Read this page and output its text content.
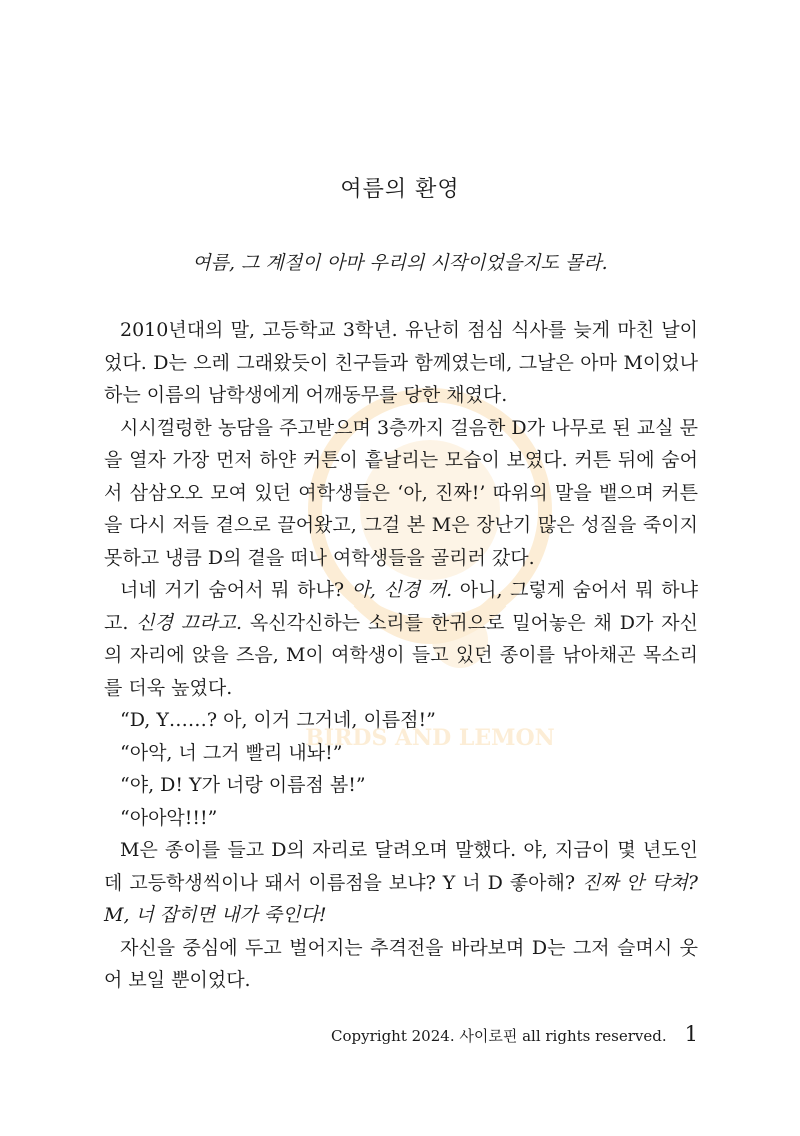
BIRDS AND LEMON
여름의 환영
여름, 그 계절이 아마 우리의 시작이었을지도 몰라.

2010년대의 말, 고등학교 3학년. 유난히 점심 식사를 늦게 마친 날이었다. D는 으레 그래왔듯이 친구들과 함께였는데, 그날은 아마 M이었나 하는 이름의 남학생에게 어깨동무를 당한 채였다.

시시껄렁한 농담을 주고받으며 3층까지 걸음한 D가 나무로 된 교실 문을 열자 가장 먼저 하얀 커튼이 흩날리는 모습이 보였다. 커튼 뒤에 숨어서 삼삼오오 모여 있던 여학생들은 ‘아, 진짜!’ 따위의 말을 뱉으며 커튼을 다시 저들 곁으로 끌어왔고, 그걸 본 M은 장난기 많은 성질을 죽이지 못하고 냉큼 D의 곁을 떠나 여학생들을 골리러 갔다.

너네 거기 숨어서 뭐 하냐? 아, 신경 꺼. 아니, 그렇게 숨어서 뭐 하냐고. 신경 끄라고. 옥신각신하는 소리를 한귀으로 밀어놓은 채 D가 자신의 자리에 앉을 즈음, M이 여학생이 들고 있던 종이를 낚아채곤 목소리를 더욱 높였다.

“D, Y……? 아, 이거 그거네, 이름점!”

“아악, 너 그거 빨리 내놔!”

“야, D! Y가 너랑 이름점 봄!”

“아아악!!!”

M은 종이를 들고 D의 자리로 달려오며 말했다. 야, 지금이 몇 년도인데 고등학생씩이나 돼서 이름점을 보냐? Y 너 D 좋아해? 진짜 안 닥쳐? M, 너 잡히면 내가 죽인다!

자신을 중심에 두고 벌어지는 추격전을 바라보며 D는 그저 슬며시 웃어 보일 뿐이었다.

Copyright 2024. 사이로핀 all rights reserved. 1
